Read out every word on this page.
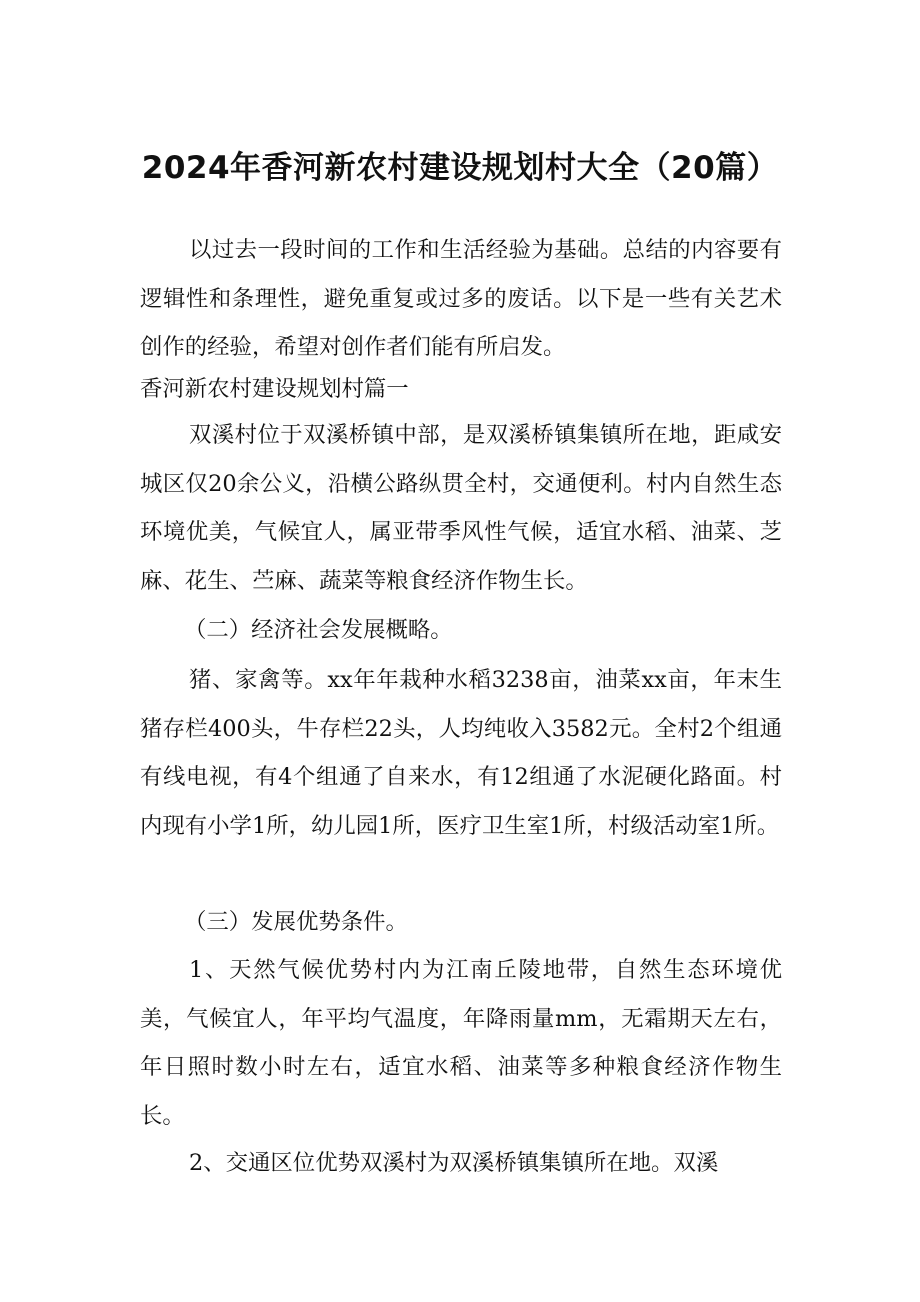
2024年香河新农村建设规划村大全（20篇）
以过去一段时间的工作和生活经验为基础。总结的内容要有逻辑性和条理性，避免重复或过多的废话。以下是一些有关艺术创作的经验，希望对创作者们能有所启发。
香河新农村建设规划村篇一
双溪村位于双溪桥镇中部，是双溪桥镇集镇所在地，距咸安城区仅20余公义，沿横公路纵贯全村，交通便利。村内自然生态环境优美，气候宜人，属亚带季风性气候，适宜水稻、油菜、芝麻、花生、苎麻、蔬菜等粮食经济作物生长。
（二）经济社会发展概略。
猪、家禽等。xx年年栽种水稻3238亩，油菜xx亩，年末生猪存栏400头，牛存栏22头，人均纯收入3582元。全村2个组通有线电视，有4个组通了自来水，有12组通了水泥硬化路面。村内现有小学1所，幼儿园1所，医疗卫生室1所，村级活动室1所。
（三）发展优势条件。
1、天然气候优势村内为江南丘陵地带，自然生态环境优美，气候宜人，年平均气温度，年降雨量mm，无霜期天左右，年日照时数小时左右，适宜水稻、油菜等多种粮食经济作物生长。
2、交通区位优势双溪村为双溪桥镇集镇所在地。双溪
